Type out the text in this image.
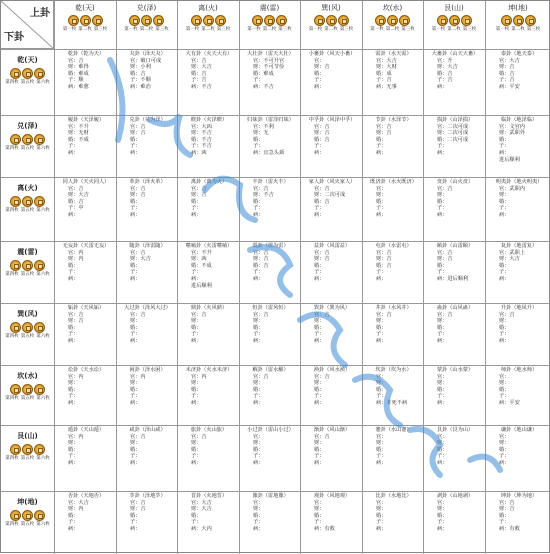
上卦
下卦
乾(天)
第一枚 第二枚 第三枚
兑(泽)
第一枚 第二枚 第三枚
离(火)
第一枚 第二枚 第三枚
震(雷)
第一枚 第二枚 第三枚
巽(风)
第一枚 第二枚 第三枚
坎(水)
第一枚 第二枚 第三枚
艮(山)
第一枚 第二枚 第三枚
坤(地)
第一枚 第二枚 第三枚
乾(天)
第四枚 第五枚 第六枚
兑(泽)
第四枚 第五枚 第六枚
离(火)
第四枚 第五枚 第六枚
震(雷)
第四枚 第五枚 第六枚
巽(风)
第四枚 第五枚 第六枚
坎(水)
第四枚 第五枚 第六枚
艮(山)
第四枚 第五枚 第六枚
坤(地)
第四枚 第五枚 第六枚
乾卦（乾为天）
官：吉
财：难得
婚：难成
子：顺
病：难愈
夬卦（泽天夬）
官：破口可成
财：小利
婚：吉
子：不顺
病：难治
大有卦（火天大有）
官：吉
财：大吉
婚：吉
子：吉
病：不吉
大壮卦（雷天大壮）
官：不可升官
财：不可节俭
婚：难成
子：
病：不吉
小畜卦（风天小畜）
官：
财：吉
婚：
子：
病：
需卦（水天需）
官：大吉
财：大财
婚：成
子：吉
病：无事
大畜卦（山天大畜）
官：升
财：大吉
婚：吉
子：吉
病：
泰卦（地天泰）
官：大吉
财：吉
婚：吉
子：吉
病：平安
履卦（天泽履）
官：不升
财：无财
婚：不成
子：
病：
兑卦（兑为泽）
官：吉
财：吉
婚：
子：
病：
睽卦（火泽睽）
官：大凶
财：不吉
婚：不吉
子：不吉
病：凶
归妹卦（雷泽归妹）
官：不利
财：无
婚：
子：
病：宜急头颈
中孚卦（风泽中孚）
官：吉
财：吉
婚：吉
子：
病：
节卦（水泽节）
官：吉
财：吉
婚：
子：
病：
损卦（山泽损）
官：二次可成
财：二次可成
婚：二次可成
子：
病：
临卦（地泽临）
官：文官内
财：武职外
婚：
子：
病：
进后顺利
同人卦（天火同人）
官：吉
财：大吉
婚：吉
子：中
病：
革卦（泽火革）
官：吉
财：吉
婚：
子：
病：
离卦（离为火）
官：吉
财：吉
婚：
子：
病：
丰卦（雷火丰）
官：吉
财：不吉
婚：
子：
病：
家人卦（风火家人）
官：吉
财：二次可成
婚：吉
子：
病：
既济卦（水火既济）
官：
财：
婚：
子：
病：
贲卦（山火贲）
官：吉
财：
婚：
子：
病：
明夷卦（地火明夷）
官：武职内
财：
婚：
子：
病：
无妄卦（天雷无妄）
官：内
财：内
婚：
子：
病：
随卦（泽雷随）
官：吉
财：大吉
婚：
子：
病：
噬嗑卦（火雷噬嗑）
官：不升
财：凶
婚：不成
子：
病：
进后顺利
震卦（震为雷）
官：吉
财：吉
婚：吉
子：
病：
益卦（风雷益）
官：吉
财：吉
婚：
子：
病：
屯卦（水雷屯）
官：吉
财：吉
婚：吉
子：
病：
颐卦（山雷颐）
官：吉
财：吉
婚：
子：
病：进后顺利
复卦（地雷复）
官：武职上
财：大吉
婚：
子：
病：
姤卦（天风姤）
官：吉
财：吉
婚：
子：
病：
大过卦（泽风大过）
官：吉
财：
婚：
子：
病：
鼎卦（火风鼎）
官：吉
财：
婚：
子：
病：
恒卦（雷风恒）
官：吉
财：
婚：
子：
病：
巽卦（巽为风）
官：吉
财：
婚：
子：
病：
井卦（水风井）
官：吉
财：
婚：
子：
病：
蛊卦（山风蛊）
官：吉
财：
婚：
子：
病：
升卦（地风升）
官：吉
财：
婚：
子：
病：
讼卦（天水讼）
官：内
财：
婚：
子：
病：
困卦（泽水困）
官：内
财：
婚：
子：
病：
未济卦（火水未济）
官：内
财：
婚：
子：
病：
解卦（雷水解）
官：吉
财：
婚：
子：
病：
涣卦（风水涣）
官：吉
财：
婚：
子：
病：
坎卦（坎为水）
官：
财：
婚：
子：
病：非死不病
蒙卦（山水蒙）
官：
财：
婚：
子：
病：
师卦（地水师）
官：
财：
婚：
子：
病：平安
遁卦（天山遁）
官：内
财：
婚：
子：
病：
咸卦（泽山咸）
官：吉
财：
婚：
子：
病：
旅卦（火山旅）
官：吉
财：
婚：
子：
病：
小过卦（雷山小过）
官：
财：
婚：
子：
病：
渐卦（风山渐）
官：吉
财：
婚：
子：
病：
蹇卦（水山蹇）
官：
财：
婚：
子：
病：
艮卦（艮为山）
官：
财：
婚：
子：
病：
谦卦（地山谦）
官：
财：
婚：
子：
病：
否卦（天地否）
官：大吉
财：内
婚：
子：
病：
萃卦（泽地萃）
官：吉
财：吉
婚：
子：
病：
晋卦（火地晋）
官：大吉
财：大吉
婚：
子：
病：大内
豫卦（雷地豫）
官：
财：
婚：
子：
病：
观卦（风地观）
官：
财：
婚：
子：
病：有救
比卦（水地比）
官：
财：
婚：
子：
病：
剥卦（山地剥）
官：
财：
婚：
子：
病：
坤卦（坤为地）
官：吉
财：吉
婚：
子：
病：有救
